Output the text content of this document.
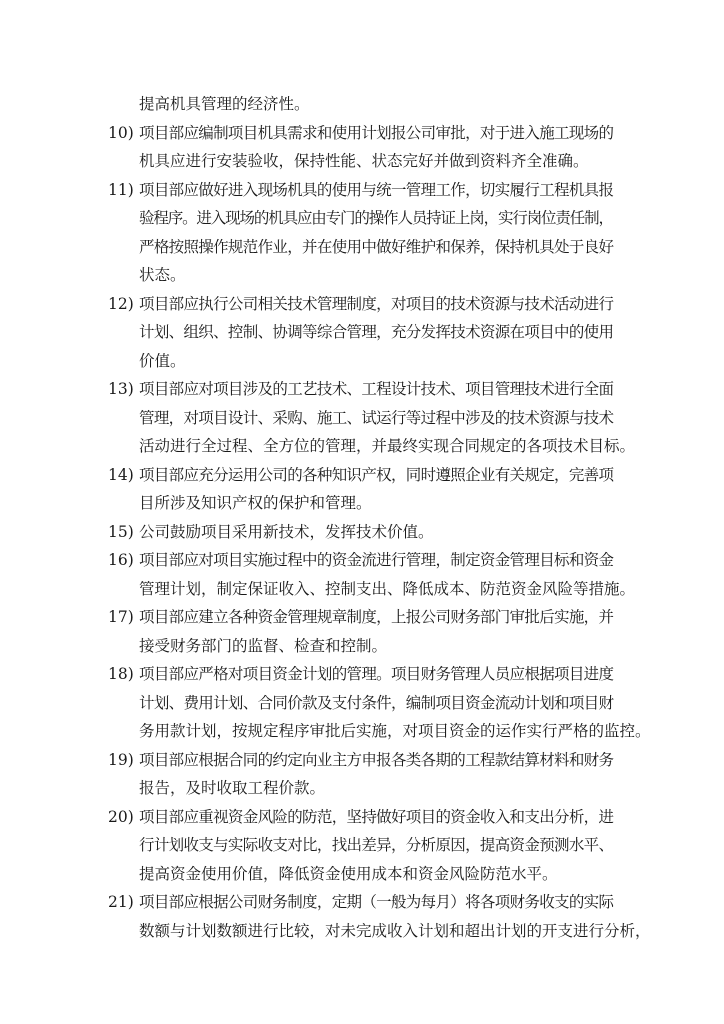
提高机具管理的经济性。
10) 项目部应编制项目机具需求和使用计划报公司审批，对于进入施工现场的
机具应进行安装验收，保持性能、状态完好并做到资料齐全准确。
11) 项目部应做好进入现场机具的使用与统一管理工作，切实履行工程机具报
验程序。进入现场的机具应由专门的操作人员持证上岗，实行岗位责任制，
严格按照操作规范作业，并在使用中做好维护和保养，保持机具处于良好
状态。
12) 项目部应执行公司相关技术管理制度，对项目的技术资源与技术活动进行
计划、组织、控制、协调等综合管理，充分发挥技术资源在项目中的使用
价值。
13) 项目部应对项目涉及的工艺技术、工程设计技术、项目管理技术进行全面
管理，对项目设计、采购、施工、试运行等过程中涉及的技术资源与技术
活动进行全过程、全方位的管理，并最终实现合同规定的各项技术目标。
14) 项目部应充分运用公司的各种知识产权，同时遵照企业有关规定，完善项
目所涉及知识产权的保护和管理。
15) 公司鼓励项目采用新技术，发挥技术价值。
16) 项目部应对项目实施过程中的资金流进行管理，制定资金管理目标和资金
管理计划，制定保证收入、控制支出、降低成本、防范资金风险等措施。
17) 项目部应建立各种资金管理规章制度，上报公司财务部门审批后实施，并
接受财务部门的监督、检查和控制。
18) 项目部应严格对项目资金计划的管理。项目财务管理人员应根据项目进度
计划、费用计划、合同价款及支付条件，编制项目资金流动计划和项目财
务用款计划，按规定程序审批后实施，对项目资金的运作实行严格的监控。
19) 项目部应根据合同的约定向业主方申报各类各期的工程款结算材料和财务
报告，及时收取工程价款。
20) 项目部应重视资金风险的防范，坚持做好项目的资金收入和支出分析，进
行计划收支与实际收支对比，找出差异，分析原因，提高资金预测水平、
提高资金使用价值，降低资金使用成本和资金风险防范水平。
21) 项目部应根据公司财务制度，定期（一般为每月）将各项财务收支的实际
数额与计划数额进行比较，对未完成收入计划和超出计划的开支进行分析，
